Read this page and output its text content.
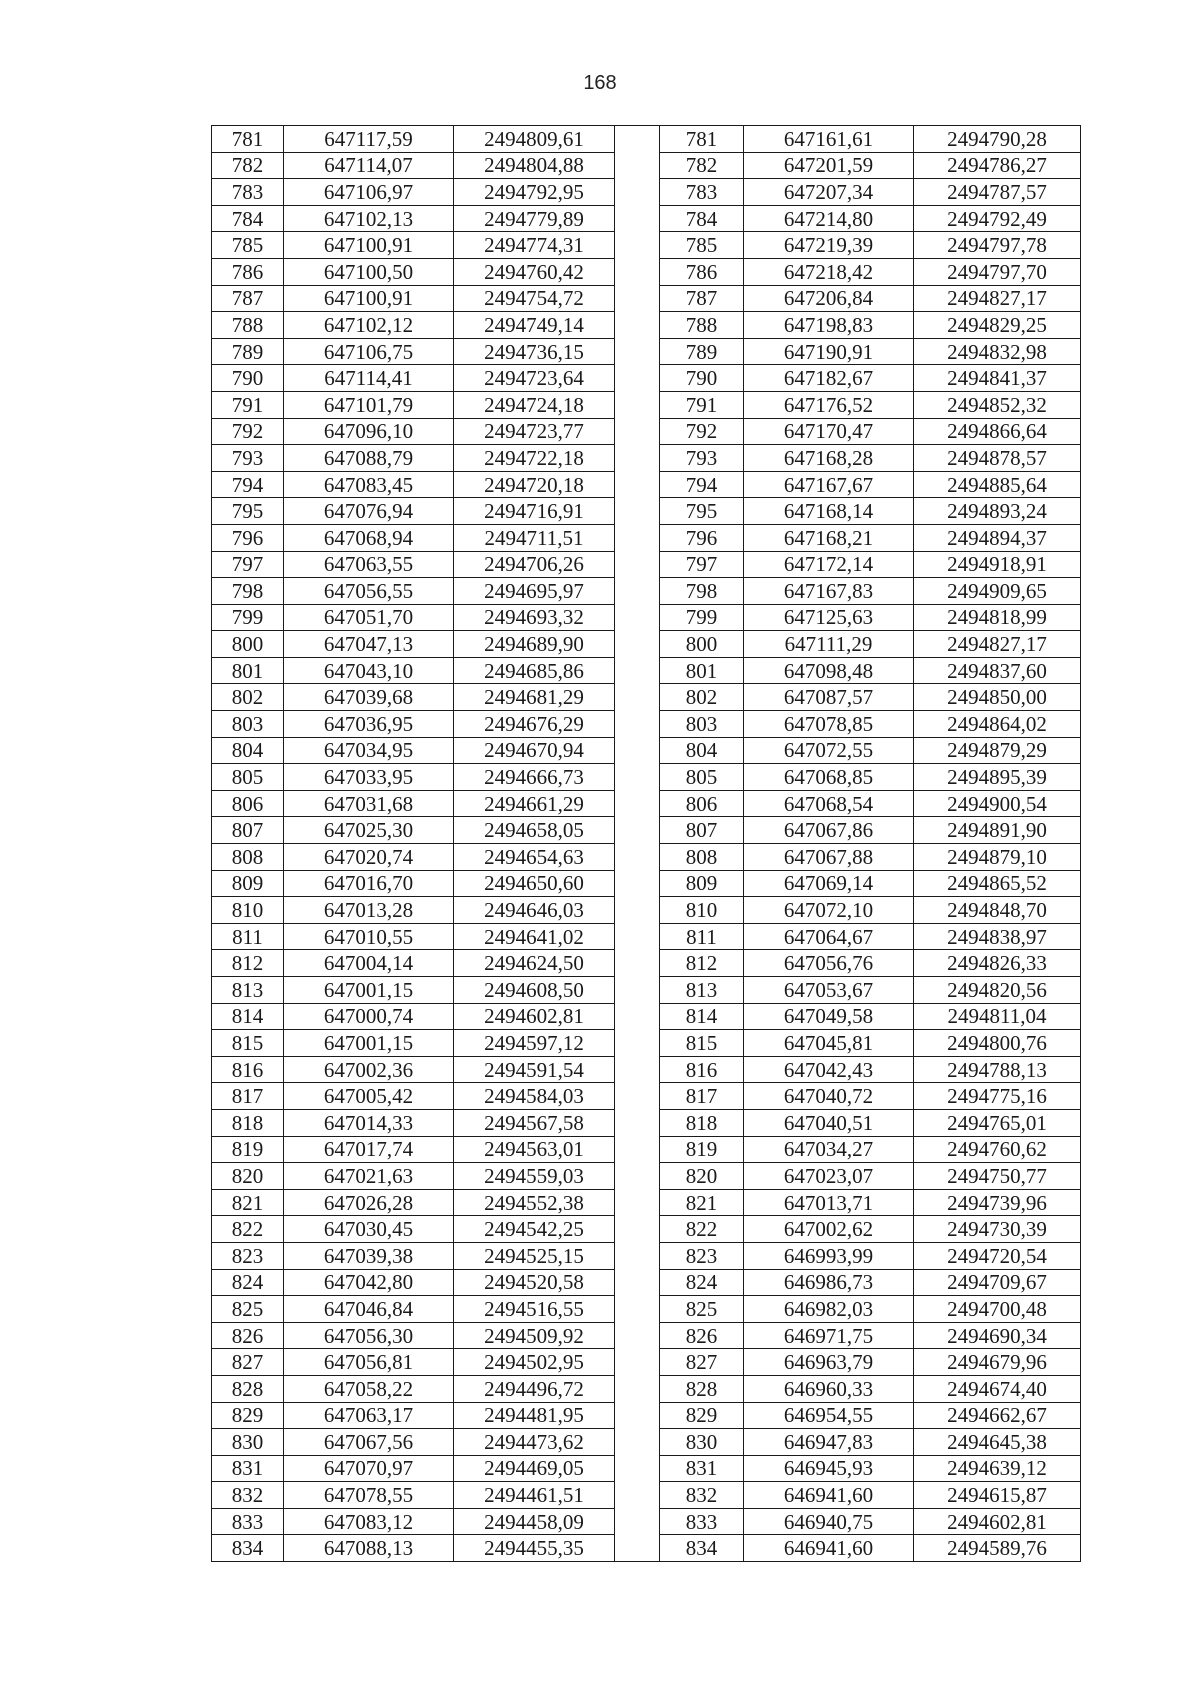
168
781	647117,59	2494809,61		781	647161,61	2494790,28
782	647114,07	2494804,88		782	647201,59	2494786,27
783	647106,97	2494792,95		783	647207,34	2494787,57
784	647102,13	2494779,89		784	647214,80	2494792,49
785	647100,91	2494774,31		785	647219,39	2494797,78
786	647100,50	2494760,42		786	647218,42	2494797,70
787	647100,91	2494754,72		787	647206,84	2494827,17
788	647102,12	2494749,14		788	647198,83	2494829,25
789	647106,75	2494736,15		789	647190,91	2494832,98
790	647114,41	2494723,64		790	647182,67	2494841,37
791	647101,79	2494724,18		791	647176,52	2494852,32
792	647096,10	2494723,77		792	647170,47	2494866,64
793	647088,79	2494722,18		793	647168,28	2494878,57
794	647083,45	2494720,18		794	647167,67	2494885,64
795	647076,94	2494716,91		795	647168,14	2494893,24
796	647068,94	2494711,51		796	647168,21	2494894,37
797	647063,55	2494706,26		797	647172,14	2494918,91
798	647056,55	2494695,97		798	647167,83	2494909,65
799	647051,70	2494693,32		799	647125,63	2494818,99
800	647047,13	2494689,90		800	647111,29	2494827,17
801	647043,10	2494685,86		801	647098,48	2494837,60
802	647039,68	2494681,29		802	647087,57	2494850,00
803	647036,95	2494676,29		803	647078,85	2494864,02
804	647034,95	2494670,94		804	647072,55	2494879,29
805	647033,95	2494666,73		805	647068,85	2494895,39
806	647031,68	2494661,29		806	647068,54	2494900,54
807	647025,30	2494658,05		807	647067,86	2494891,90
808	647020,74	2494654,63		808	647067,88	2494879,10
809	647016,70	2494650,60		809	647069,14	2494865,52
810	647013,28	2494646,03		810	647072,10	2494848,70
811	647010,55	2494641,02		811	647064,67	2494838,97
812	647004,14	2494624,50		812	647056,76	2494826,33
813	647001,15	2494608,50		813	647053,67	2494820,56
814	647000,74	2494602,81		814	647049,58	2494811,04
815	647001,15	2494597,12		815	647045,81	2494800,76
816	647002,36	2494591,54		816	647042,43	2494788,13
817	647005,42	2494584,03		817	647040,72	2494775,16
818	647014,33	2494567,58		818	647040,51	2494765,01
819	647017,74	2494563,01		819	647034,27	2494760,62
820	647021,63	2494559,03		820	647023,07	2494750,77
821	647026,28	2494552,38		821	647013,71	2494739,96
822	647030,45	2494542,25		822	647002,62	2494730,39
823	647039,38	2494525,15		823	646993,99	2494720,54
824	647042,80	2494520,58		824	646986,73	2494709,67
825	647046,84	2494516,55		825	646982,03	2494700,48
826	647056,30	2494509,92		826	646971,75	2494690,34
827	647056,81	2494502,95		827	646963,79	2494679,96
828	647058,22	2494496,72		828	646960,33	2494674,40
829	647063,17	2494481,95		829	646954,55	2494662,67
830	647067,56	2494473,62		830	646947,83	2494645,38
831	647070,97	2494469,05		831	646945,93	2494639,12
832	647078,55	2494461,51		832	646941,60	2494615,87
833	647083,12	2494458,09		833	646940,75	2494602,81
834	647088,13	2494455,35		834	646941,60	2494589,76
